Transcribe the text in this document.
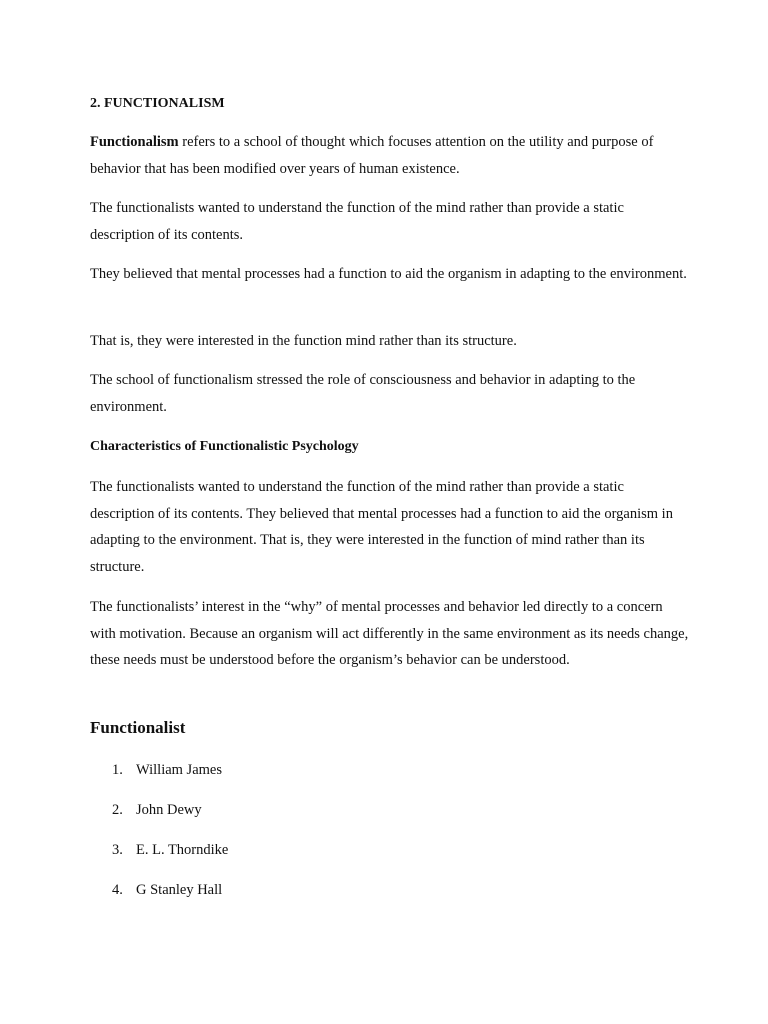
2. FUNCTIONALISM

Functionalism refers to a school of thought which focuses attention on the utility and purpose of behavior that has been modified over years of human existence.

The functionalists wanted to understand the function of the mind rather than provide a static description of its contents.

They believed that mental processes had a function to aid the organism in adapting to the environment.

That is, they were interested in the function mind rather than its structure.

The school of functionalism stressed the role of consciousness and behavior in adapting to the environment.

Characteristics of Functionalistic Psychology

The functionalists wanted to understand the function of the mind rather than provide a static description of its contents. They believed that mental processes had a function to aid the organism in adapting to the environment. That is, they were interested in the function of mind rather than its structure.

The functionalists’ interest in the “why” of mental processes and behavior led directly to a concern with motivation. Because an organism will act differently in the same environment as its needs change, these needs must be understood before the organism’s behavior can be understood.

Functionalist
1. William James
2. John Dewy
3. E. L. Thorndike
4. G Stanley Hall
